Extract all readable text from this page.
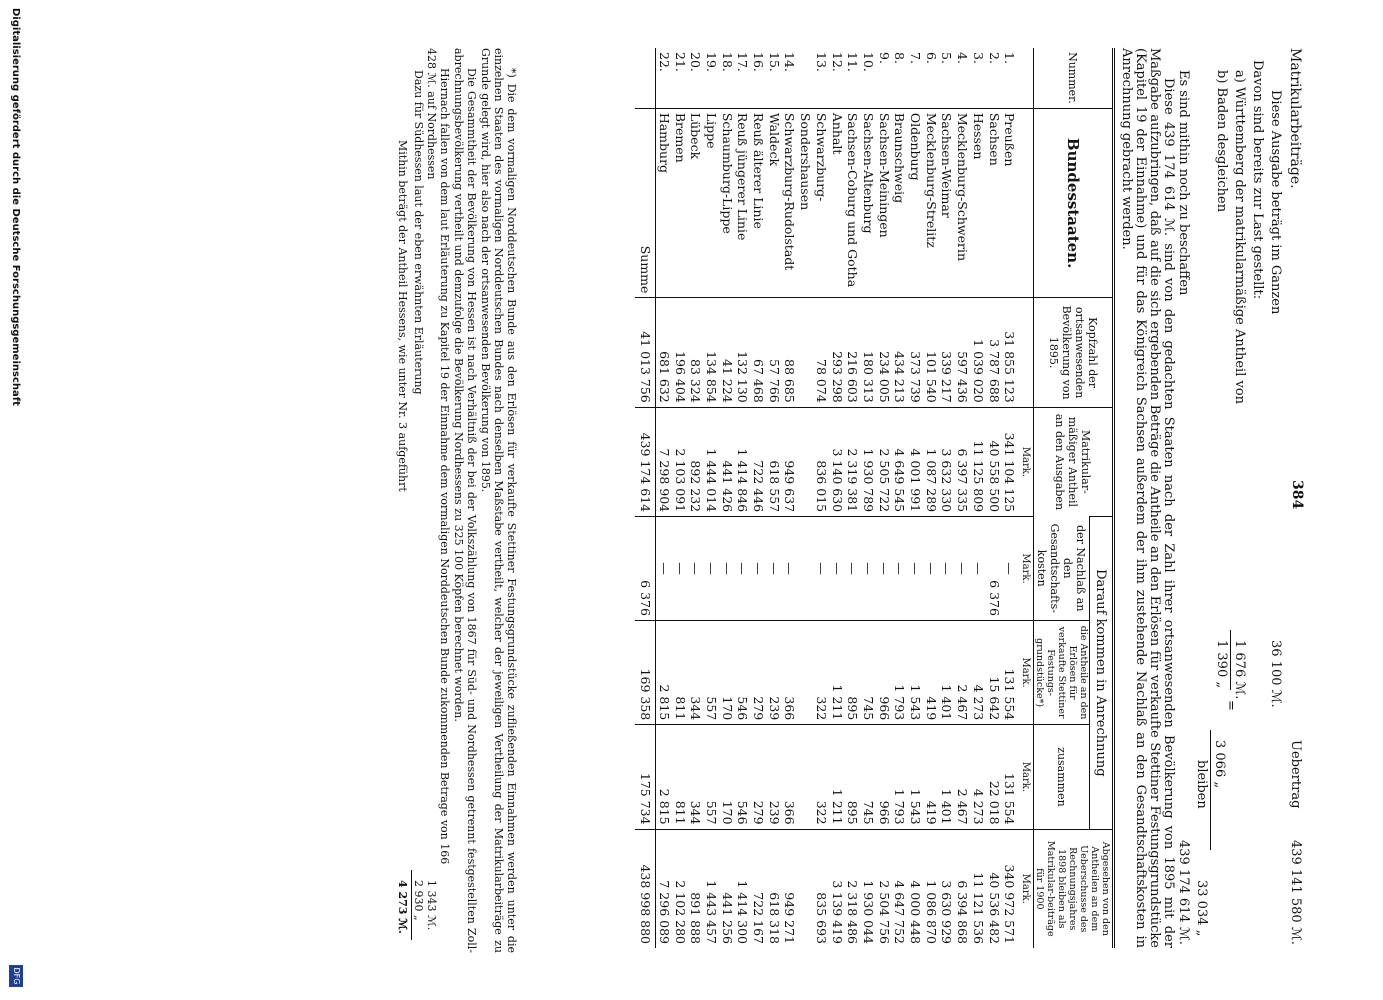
Matrikularbeiträge.
384
Uebertrag
439 141 580 ℳ.
Diese Ausgabe beträgt im Ganzen
36 100 ℳ.
Davon sind bereits zur Last gestellt:
a) Württemberg der matrikularmäßige Antheil von
1 676 ℳ.
b) Baden desgleichen
1 390 „
=
3 066 „
bleiben
33 034 „
Es sind mithin noch zu beschaffen
439 174 614 ℳ.
Diese 439 174 614 ℳ. sind von den gedachten Staaten nach der Zahl ihrer ortsanwesenden Bevölkerung von 1895 mit der Maßgabe aufzubringen, daß auf die sich ergebenden Beträge die Antheile an den Erlösen für verkaufte Stettiner Festungsgrundstücke (Kapitel 19 der Einnahme) und für das Königreich Sachsen außerdem der ihm zustehende Nachlaß an den Gesandtschaftskosten in Anrechnung gebracht werden.
Nummer.	Bundesstaaten.	Kopfzahl der ortsanwesenden Bevölkerung von 1895.	Matrikular-mäßiger Antheil an den Ausgaben	Darauf kommen in Anrechnung			Abgesehen von den Antheilen an dem Ueberschusse des Rechnungsjahres 1898 bleiben als Matrikular-beiträge für 1900
				der Nachlaß an den Gesandtschafts-kosten	die Antheile an den Erlösen für verkaufte Stettiner Festungs-grundstücke*)	zusammen	
			Mark.	Mark.	Mark.	Mark.	Mark.
1.	Preußen	31 855 123	341 104 125	—	131 554	131 554	340 972 571
2.	Sachsen	3 787 688	40 558 500	6 376	15 642	22 018	40 536 482
3.	Hessen	1 039 020	11 125 809	—	4 273	4 273	11 121 536
4.	Mecklenburg-Schwerin	597 436	6 397 335	—	2 467	2 467	6 394 868
5.	Sachsen-Weimar	339 217	3 632 330	—	1 401	1 401	3 630 929
6.	Mecklenburg-Strelitz	101 540	1 087 289	—	419	419	1 086 870
7.	Oldenburg	373 739	4 001 991	—	1 543	1 543	4 000 448
8.	Braunschweig	434 213	4 649 545	—	1 793	1 793	4 647 752
9.	Sachsen-Meiningen	234 005	2 505 722	—	966	966	2 504 756
10.	Sachsen-Altenburg	180 313	1 930 789	—	745	745	1 930 044
11.	Sachsen-Coburg und Gotha	216 603	2 319 381	—	895	895	2 318 486
12.	Anhalt	293 298	3 140 630	—	1 211	1 211	3 139 419
13.	Schwarzburg-Sondershausen	78 074	836 015	—	322	322	835 693
14.	Schwarzburg-Rudolstadt	88 685	949 637	—	366	366	949 271
15.	Waldeck	57 766	618 557	—	239	239	618 318
16.	Reuß älterer Linie	67 468	722 446	—	279	279	722 167
17.	Reuß jüngerer Linie	132 130	1 414 846	—	546	546	1 414 300
18.	Schaumburg-Lippe	41 224	441 426	—	170	170	441 256
19.	Lippe	134 854	1 444 014	—	557	557	1 443 457
20.	Lübeck	83 324	892 232	—	344	344	891 888
21.	Bremen	196 404	2 103 091	—	811	811	2 102 280
22.	Hamburg	681 632	7 298 904	—	2 815	2 815	7 296 089
	Summe	41 013 756	439 174 614	6 376	169 358	175 734	438 998 880
*) Die dem vormaligen Norddeutschen Bunde aus den Erlösen für verkaufte Stettiner Festungsgrundstücke zufließenden Einnahmen werden unter die einzelnen Staaten des vormaligen Norddeutschen Bundes nach denselben Maßstabe vertheilt, welcher der jeweiligen Vertheilung der Matrikularbeiträge zu Grunde gelegt wird, hier also nach der ortsanwesenden Bevölkerung von 1895.
Die Gesammtheit der Bevölkerung von Hessen ist nach Verhältniß der bei der Volkszählung von 1867 für Süd- und Nordhessen getrennt festgestellten Zoll-abrechnungsbevölkerung vertheilt und demzufolge die Bevölkerung Nordhessens zu 325 100 Köpfen berechnet worden.
Hiernach fallen von dem laut Erläuterung zu Kapitel 19 der Einnahme dem vormaligen Norddeutschen Bunde zukommenden Betrage von 166 428 ℳ. auf Nordhessen
1 343 ℳ.
Dazu für Südhessen laut der eben erwähnten Erläuterung
2 930 „
Mithin beträgt der Antheil Hessens, wie unter Nr. 3 aufgeführt
4 273 ℳ.
Digitalisierung gefördert durch die Deutsche Forschungsgemeinschaft
DFG
